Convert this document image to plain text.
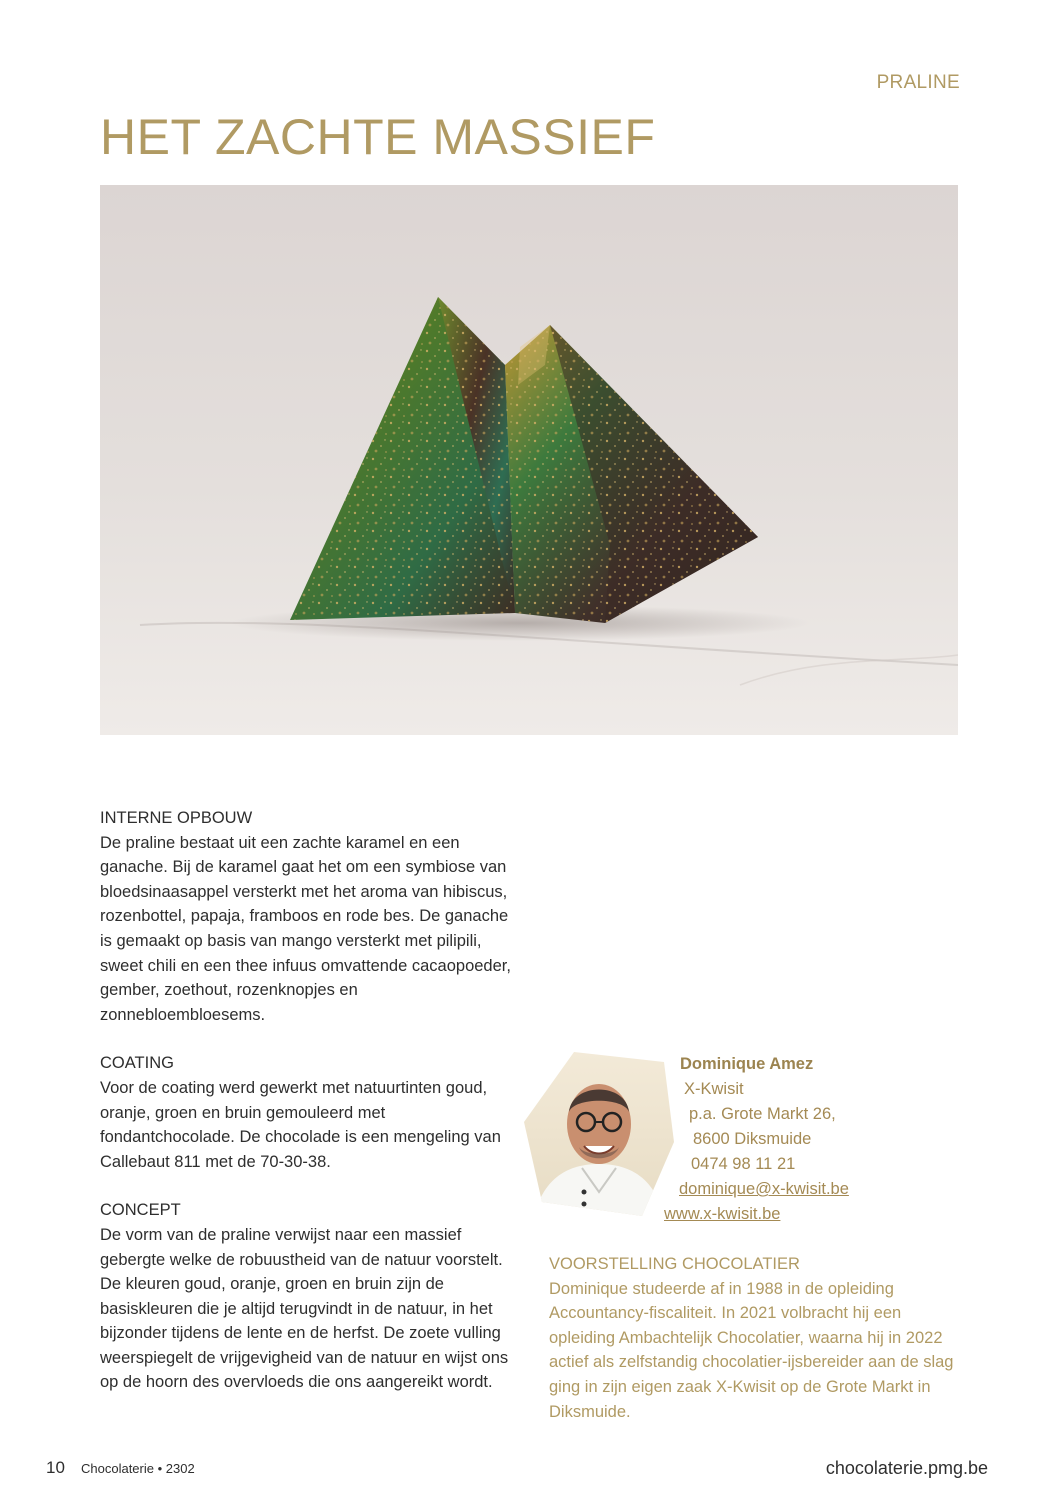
PRALINE
HET ZACHTE MASSIEF
INTERNE OPBOUW
De praline bestaat uit een zachte karamel en een ganache. Bij de karamel gaat het om een symbiose van bloedsinaasappel versterkt met het aroma van hibiscus, rozenbottel, papaja, framboos en rode bes. De ganache is gemaakt op basis van mango versterkt met pilipili, sweet chili en een thee infuus omvattende cacaopoeder, gember, zoethout, rozenknopjes en zonnebloembloesems.
COATING
Voor de coating werd gewerkt met natuurtinten goud, oranje, groen en bruin gemouleerd met fondantchocolade. De chocolade is een mengeling van Callebaut 811 met de 70-30-38.
CONCEPT
De vorm van de praline verwijst naar een massief gebergte welke de robuustheid van de natuur voorstelt. De kleuren goud, oranje, groen en bruin zijn de basiskleuren die je altijd terugvindt in de natuur, in het bijzonder tijdens de lente en de herfst. De zoete vulling weerspiegelt de vrijgevigheid van de natuur en wijst ons op de hoorn des overvloeds die ons aangereikt wordt.
Dominique Amez
X-Kwisit
p.a. Grote Markt 26,
8600 Diksmuide
0474 98 11 21
dominique@x-kwisit.be
www.x-kwisit.be
VOORSTELLING CHOCOLATIER
Dominique studeerde af in 1988 in de opleiding Accountancy-fiscaliteit. In 2021 volbracht hij een opleiding Ambachtelijk Chocolatier, waarna hij in 2022 actief als zelfstandig chocolatier-ijsbereider aan de slag ging in zijn eigen zaak X-Kwisit op de Grote Markt in Diksmuide.
10 Chocolaterie • 2302	chocolaterie.pmg.be
